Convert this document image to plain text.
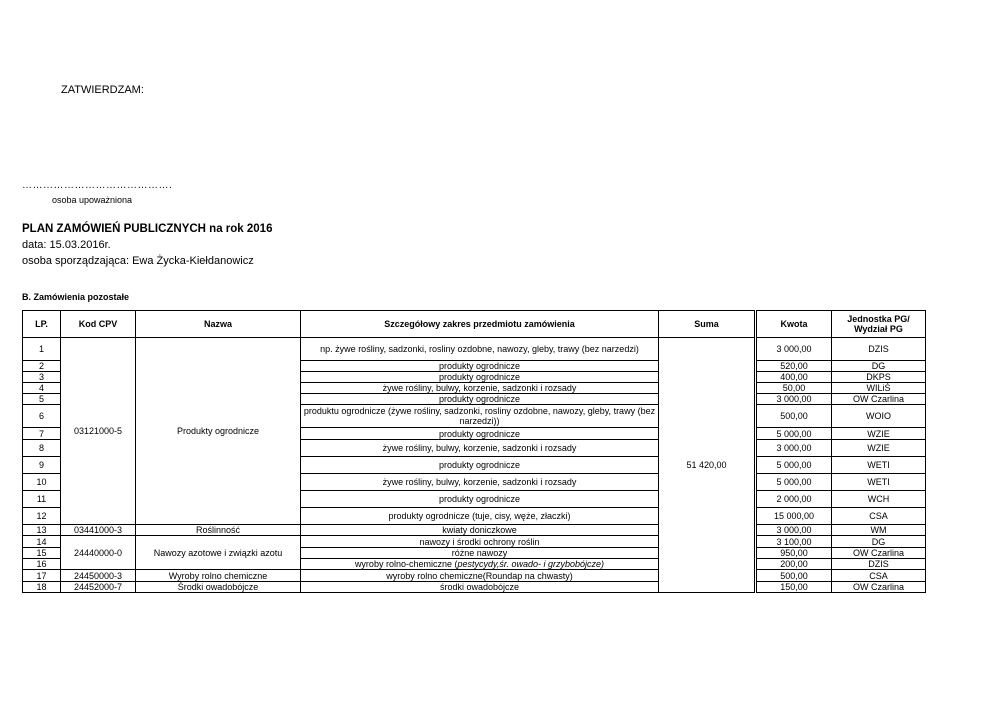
ZATWIERDZAM:
…………………………………….
osoba upoważniona
PLAN ZAMÓWIEŃ PUBLICZNYCH na rok 2016
data: 15.03.2016r.
osoba sporządzająca: Ewa Życka-Kiełdanowicz
B. Zamówienia pozostałe
LP.	Kod CPV	Nazwa	Szczegółowy zakres przedmiotu zamówienia	Suma		Kwota	Jednostka PG/ Wydział PG
1	03121000-5	Produkty ogrodnicze	np. żywe rośliny, sadzonki, rosliny ozdobne, nawozy, gleby, trawy (bez narzedzi)	51 420,00		3 000,00	DZIS
2			produkty ogrodnicze			520,00	DG
3			produkty ogrodnicze			400,00	DKPS
4			żywe rośliny, bulwy, korzenie, sadzonki i rozsady			50,00	WILiŚ
5			produkty ogrodnicze			3 000,00	OW Czarlina
6			produktu ogrodnicze (żywe rośliny, sadzonki, rosliny ozdobne, nawozy, gleby, trawy (bez narzedzi))			500,00	WOIO
7			produkty ogrodnicze			5 000,00	WZIE
8			żywe rośliny, bulwy, korzenie, sadzonki i rozsady			3 000,00	WZIE
9			produkty ogrodnicze			5 000,00	WETI
10			żywe rośliny, bulwy, korzenie, sadzonki i rozsady			5 000,00	WETI
11			produkty ogrodnicze			2 000,00	WCH
12			produkty ogrodnicze (tuje, cisy, węże, złaczki)			15 000,00	CSA
13	03441000-3	Roślinność	kwiaty doniczkowe			3 000,00	WM
14	24440000-0	Nawozy azotowe i związki azotu	nawozy i środki ochrony roślin			3 100,00	DG
15			różne nawozy			950,00	OW Czarlina
16			wyroby rolno-chemiczne (pestycydy,śr. owado- i grzybobójcze)			200,00	DZIS
17	24450000-3	Wyroby rolno chemiczne	wyroby rolno chemiczne(Roundap na chwasty)			500,00	CSA
18	24452000-7	Środki owadobójcze	środki owadobójcze			150,00	OW Czarlina
